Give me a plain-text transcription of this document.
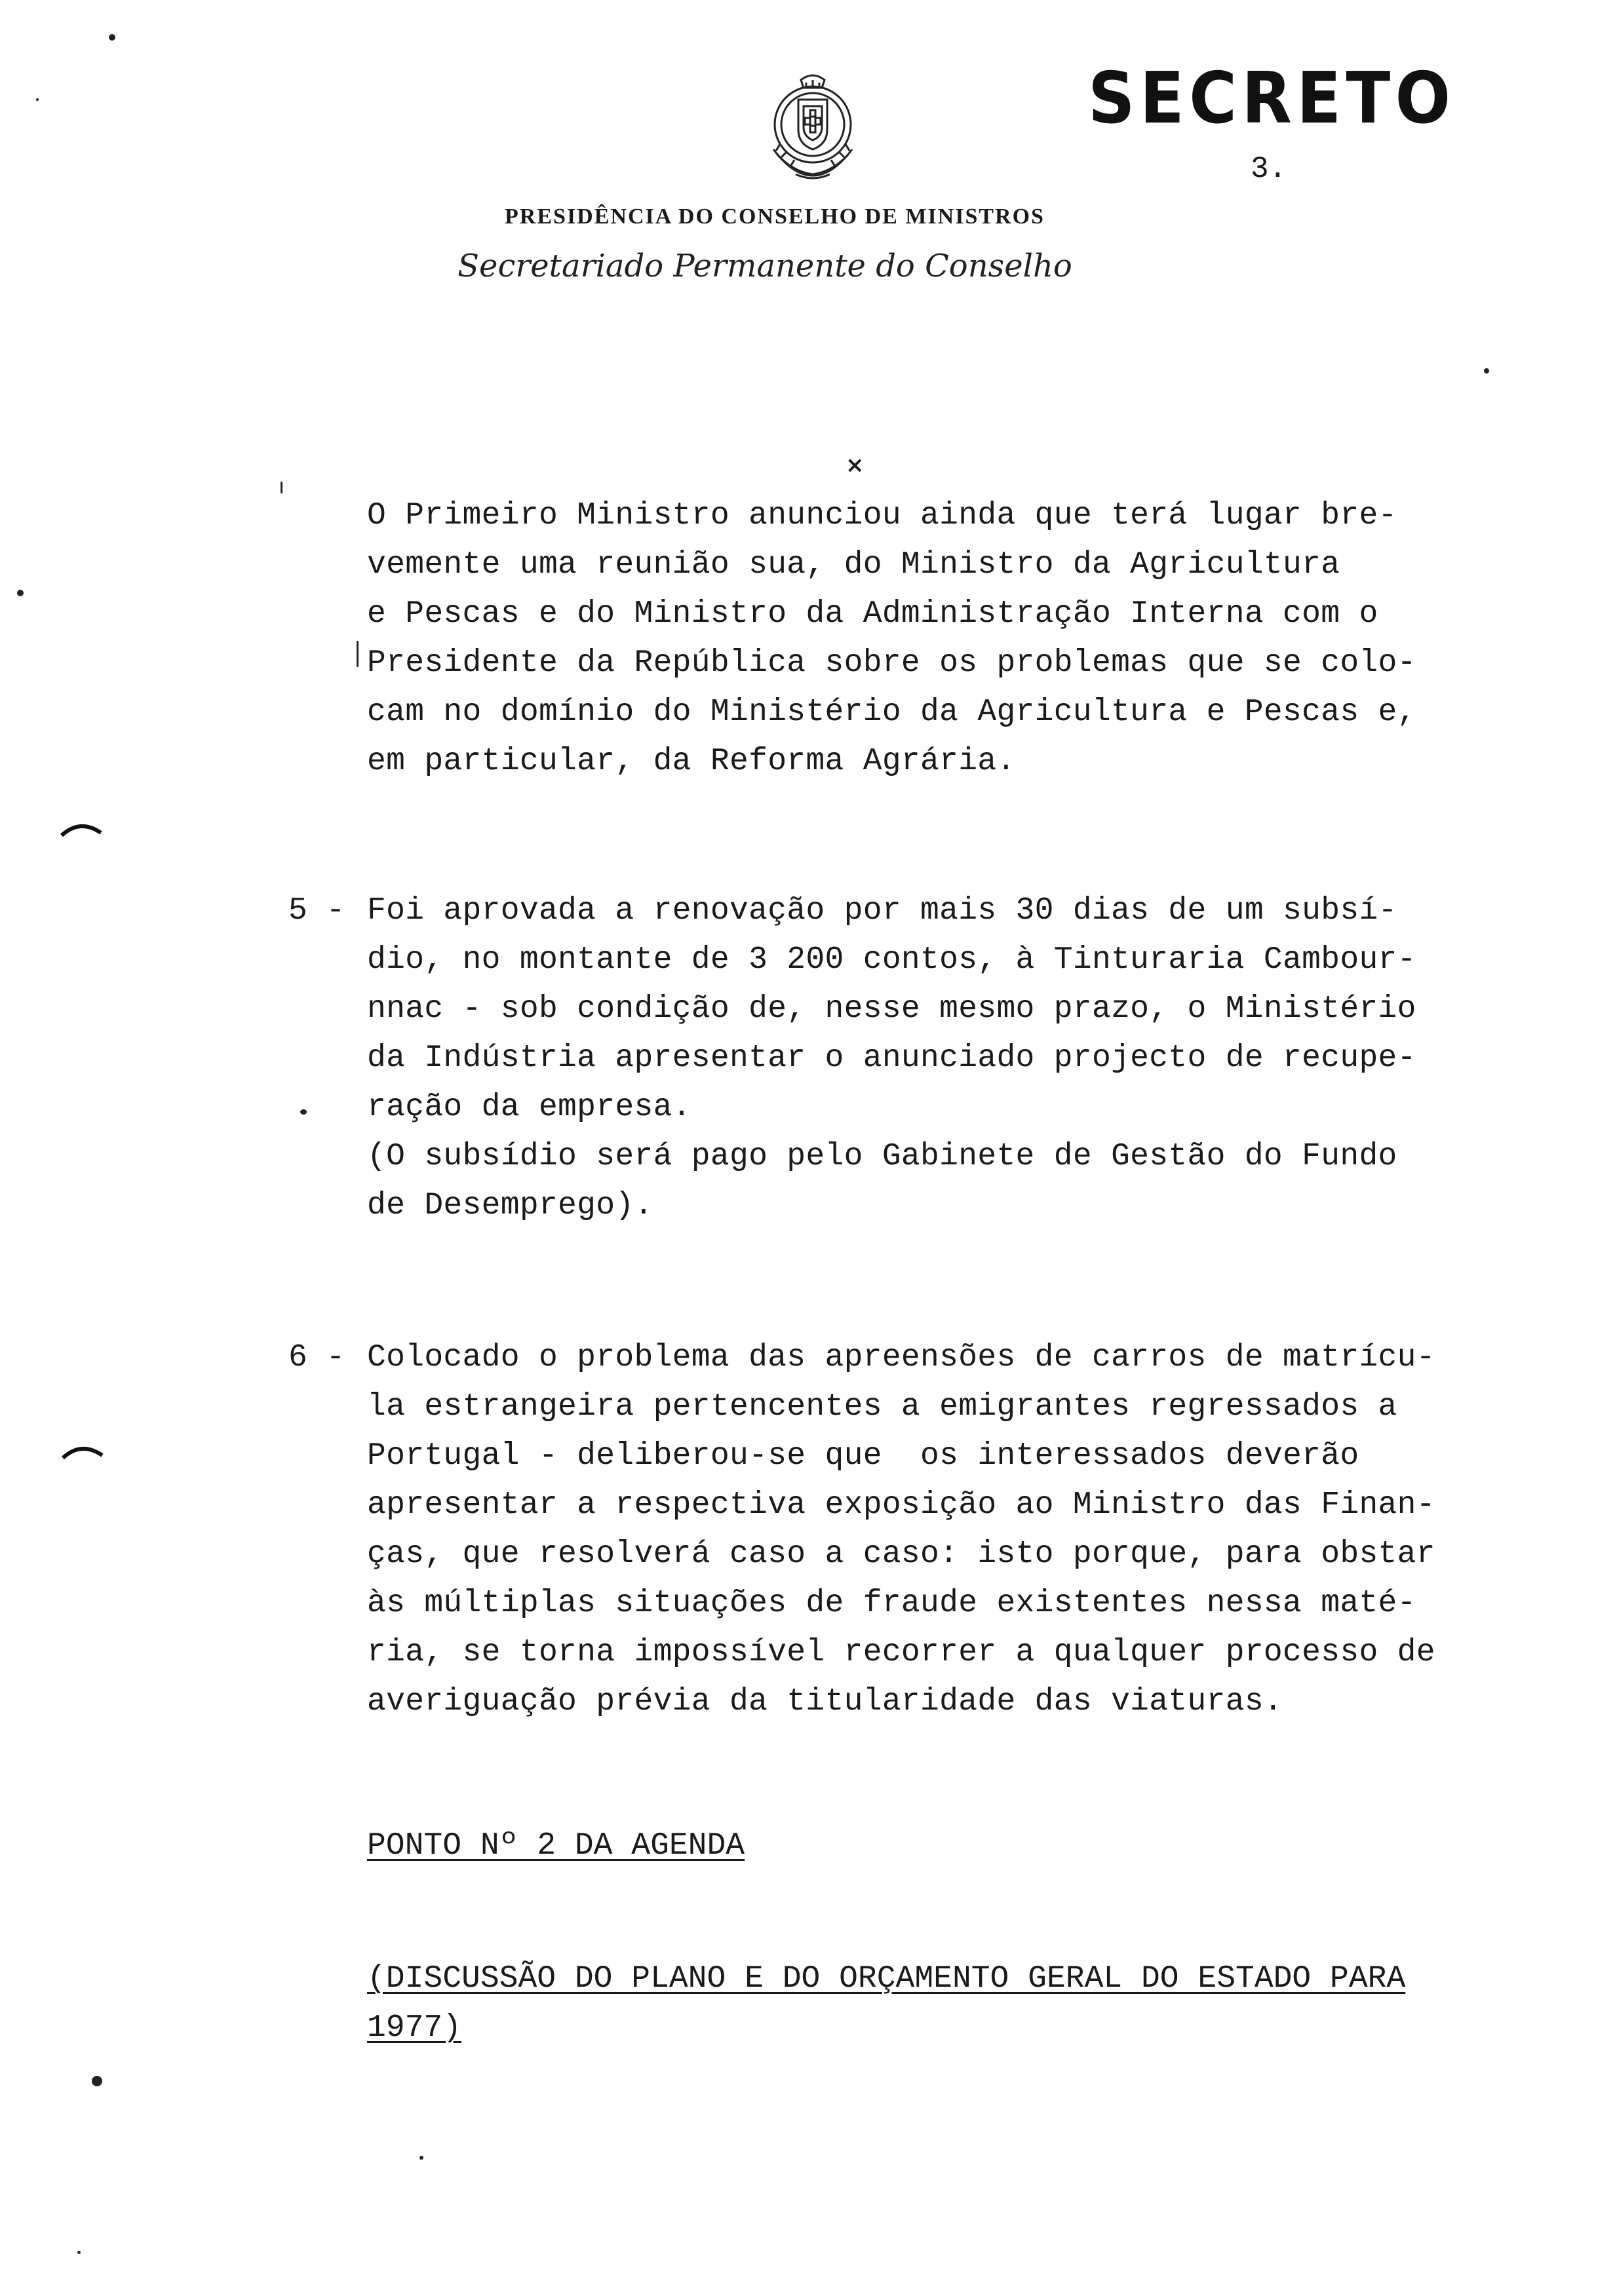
SECRETO
3.
PRESIDÊNCIA DO CONSELHO DE MINISTROS
Secretariado Permanente do Conselho
×
O Primeiro Ministro anunciou ainda que terá lugar bre-
vemente uma reunião sua, do Ministro da Agricultura
e Pescas e do Ministro da Administração Interna com o
Presidente da República sobre os problemas que se colo-
cam no domínio do Ministério da Agricultura e Pescas e,
em particular, da Reforma Agrária.
5 - Foi aprovada a renovação por mais 30 dias de um subsí-
dio, no montante de 3 200 contos, à Tinturaria Cambour-
nnac - sob condição de, nesse mesmo prazo, o Ministério
da Indústria apresentar o anunciado projecto de recupe-
ração da empresa.
(O subsídio será pago pelo Gabinete de Gestão do Fundo
de Desemprego).
6 - Colocado o problema das apreensões de carros de matrícu-
la estrangeira pertencentes a emigrantes regressados a
Portugal - deliberou-se que  os interessados deverão
apresentar a respectiva exposição ao Ministro das Finan-
ças, que resolverá caso a caso: isto porque, para obstar
às múltiplas situações de fraude existentes nessa maté-
ria, se torna impossível recorrer a qualquer processo de
averiguação prévia da titularidade das viaturas.
PONTO Nº 2 DA AGENDA
(DISCUSSÃO DO PLANO E DO ORÇAMENTO GERAL DO ESTADO PARA
1977)
